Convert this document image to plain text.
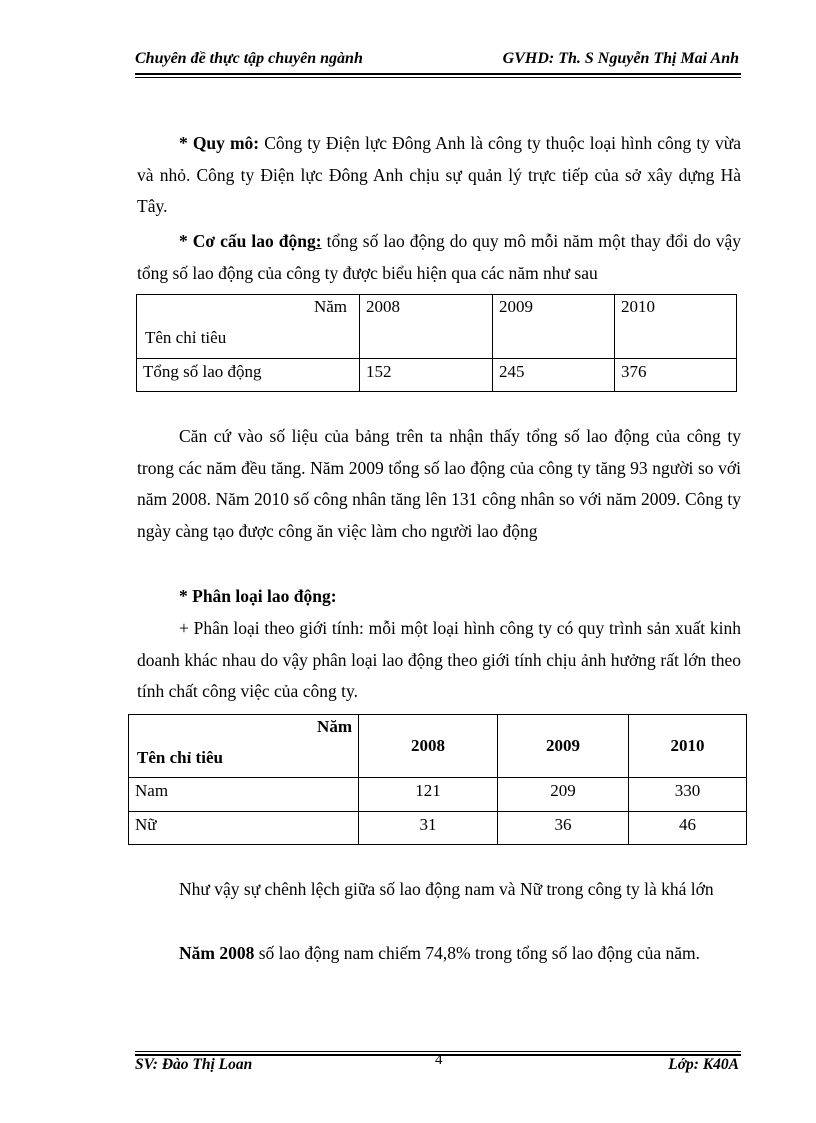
Chuyên đề thực tập chuyên ngành	GVHD: Th. S Nguyễn Thị Mai Anh
* Quy mô: Công ty Điện lực Đông Anh là công ty thuộc loại hình công ty vừa và nhỏ. Công ty Điện lực Đông Anh chịu sự quản lý trực tiếp của sở xây dựng Hà Tây.
* Cơ cấu lao động: tổng số lao động do quy mô mỗi năm một thay đổi do vậy tổng số lao động của công ty được biểu hiện qua các năm như sau
Năm
Tên chỉ tiêu	2008	2009	2010
Tổng số lao động	152	245	376
Căn cứ vào số liệu của bảng trên ta nhận thấy tổng số lao động của công ty trong các năm đều tăng. Năm 2009 tổng số lao động của công ty tăng 93 người so với năm 2008. Năm 2010 số công nhân tăng lên 131 công nhân so với năm 2009. Công ty ngày càng tạo được công ăn việc làm cho người lao động
* Phân loại lao động:
+ Phân loại theo giới tính: mỗi một loại hình công ty có quy trình sản xuất kinh doanh khác nhau do vậy phân loại lao động theo giới tính chịu ảnh hưởng rất lớn theo tính chất công việc của công ty.
Năm
Tên chỉ tiêu	2008	2009	2010
Nam	121	209	330
Nữ	31	36	46
Như vậy sự chênh lệch giữa số lao động nam và Nữ trong công ty là khá lớn
Năm 2008 số lao động nam chiếm 74,8% trong tổng số lao động của năm.
SV: Đào Thị Loan	4	Lớp: K40A
